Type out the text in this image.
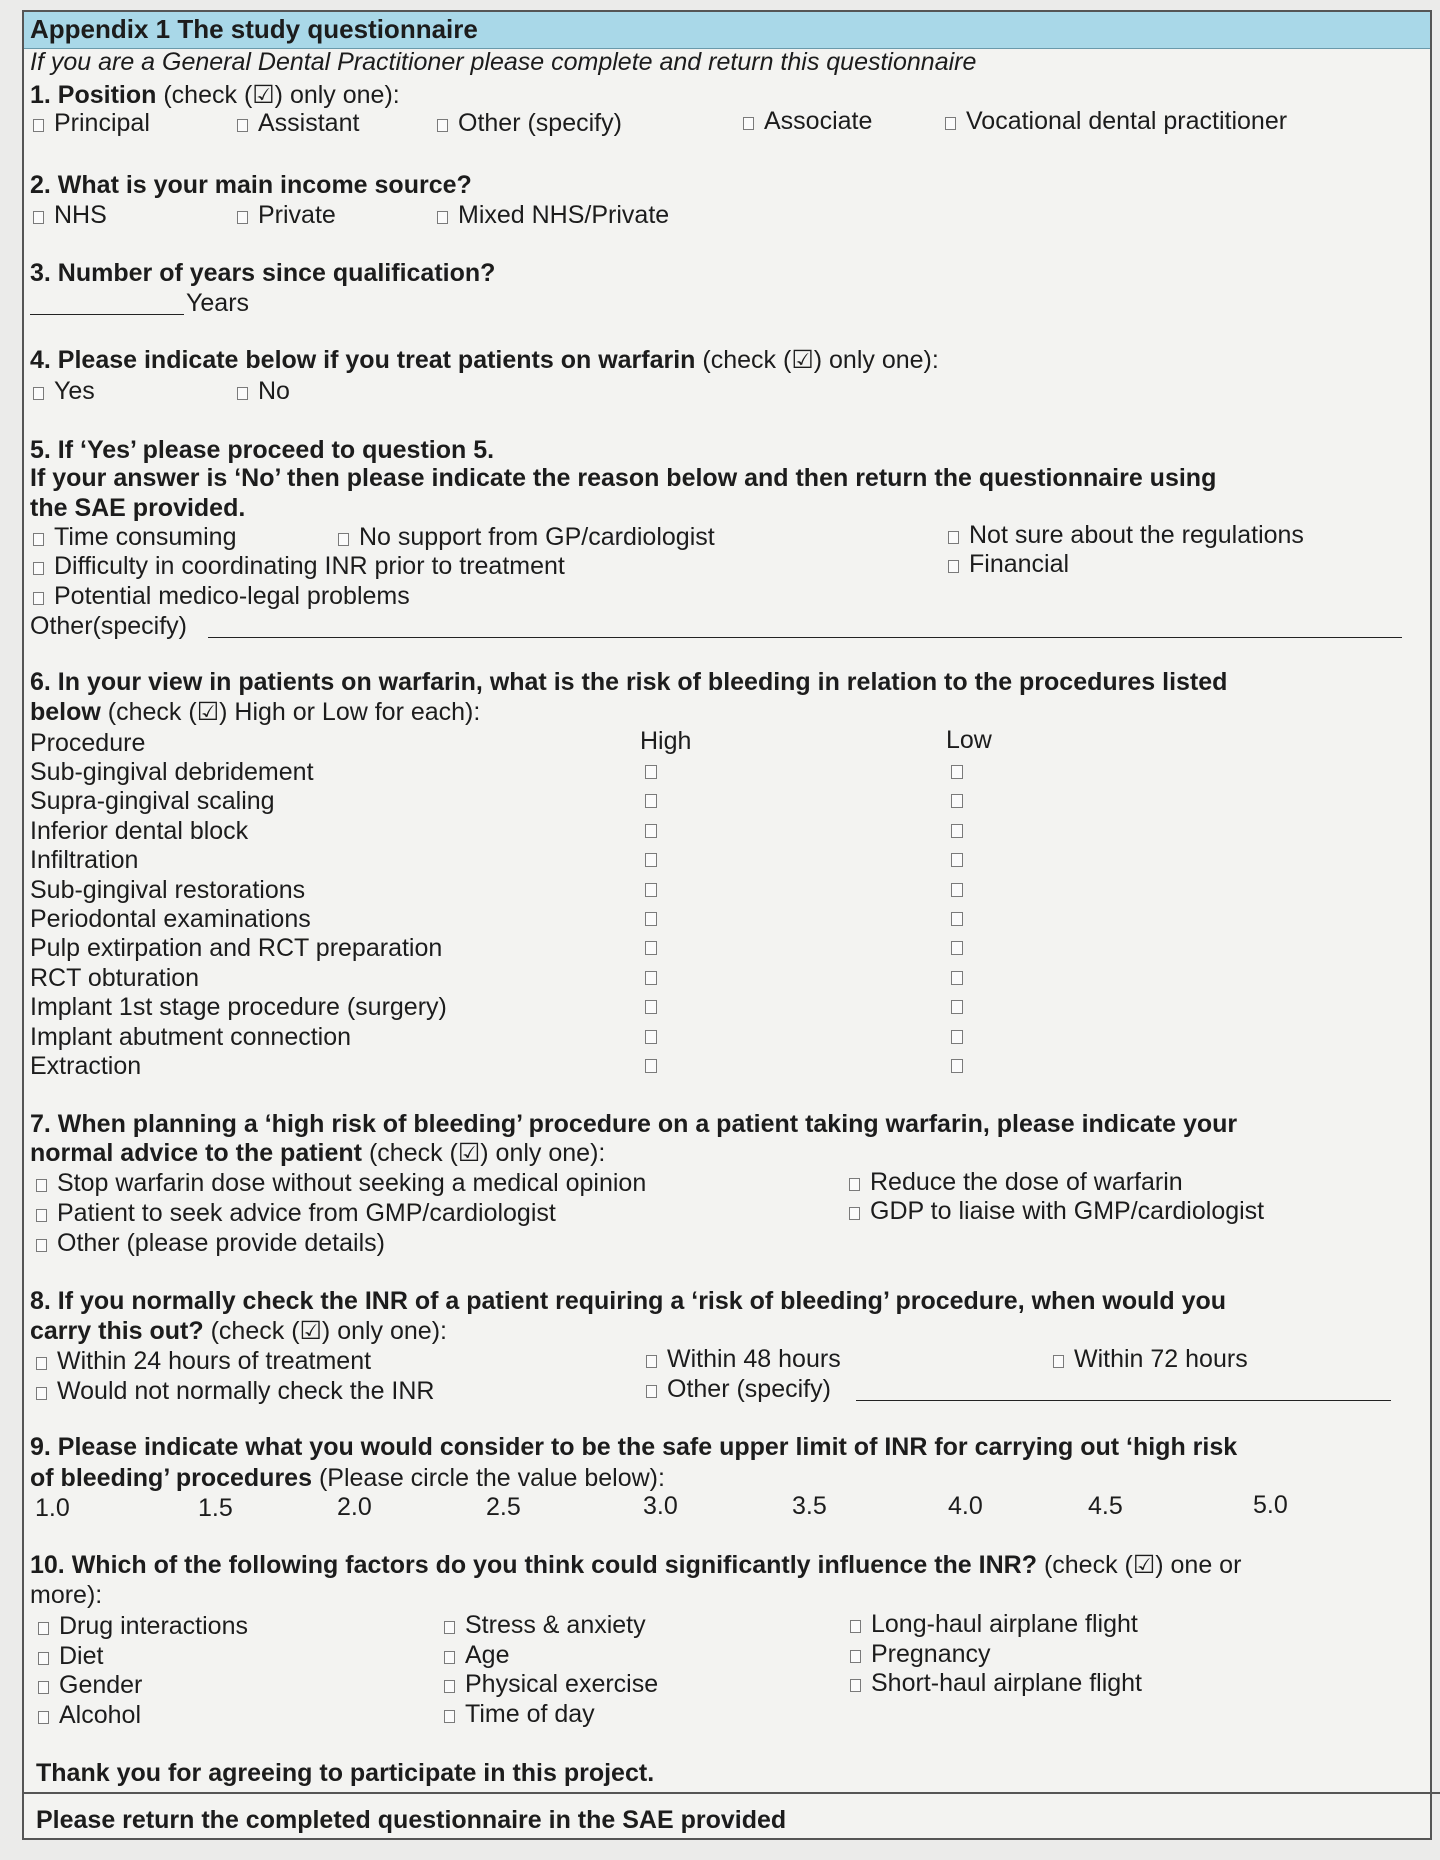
Appendix 1 The study questionnaire
If you are a General Dental Practitioner please complete and return this questionnaire
1. Position (check (☑) only one):
Principal	Assistant	Other (specify)	Associate	Vocational dental practitioner
2. What is your main income source?
NHS	Private	Mixed NHS/Private
3. Number of years since qualification?
Years
4. Please indicate below if you treat patients on warfarin (check (☑) only one):
Yes	No
5. If ‘Yes’ please proceed to question 5.
If your answer is ‘No’ then please indicate the reason below and then return the questionnaire using
the SAE provided.
Time consuming	No support from GP/cardiologist	Not sure about the regulations
Difficulty in coordinating INR prior to treatment	Financial
Potential medico-legal problems
Other(specify)
6. In your view in patients on warfarin, what is the risk of bleeding in relation to the procedures listed
below (check (☑) High or Low for each):
Procedure	High	Low
Sub-gingival debridement
Supra-gingival scaling
Inferior dental block
Infiltration
Sub-gingival restorations
Periodontal examinations
Pulp extirpation and RCT preparation
RCT obturation
Implant 1st stage procedure (surgery)
Implant abutment connection
Extraction
7. When planning a ‘high risk of bleeding’ procedure on a patient taking warfarin, please indicate your
normal advice to the patient (check (☑) only one):
Stop warfarin dose without seeking a medical opinion	Reduce the dose of warfarin
Patient to seek advice from GMP/cardiologist	GDP to liaise with GMP/cardiologist
Other (please provide details)
8. If you normally check the INR of a patient requiring a ‘risk of bleeding’ procedure, when would you
carry this out? (check (☑) only one):
Within 24 hours of treatment	Within 48 hours	Within 72 hours
Would not normally check the INR	Other (specify)
9. Please indicate what you would consider to be the safe upper limit of INR for carrying out ‘high risk
of bleeding’ procedures (Please circle the value below):
1.0	1.5	2.0	2.5	3.0	3.5	4.0	4.5	5.0
10. Which of the following factors do you think could significantly influence the INR? (check (☑) one or
more):
Drug interactions
Diet
Gender
Alcohol
Stress & anxiety
Age
Physical exercise
Time of day
Long-haul airplane flight
Pregnancy
Short-haul airplane flight
Thank you for agreeing to participate in this project.
Please return the completed questionnaire in the SAE provided
